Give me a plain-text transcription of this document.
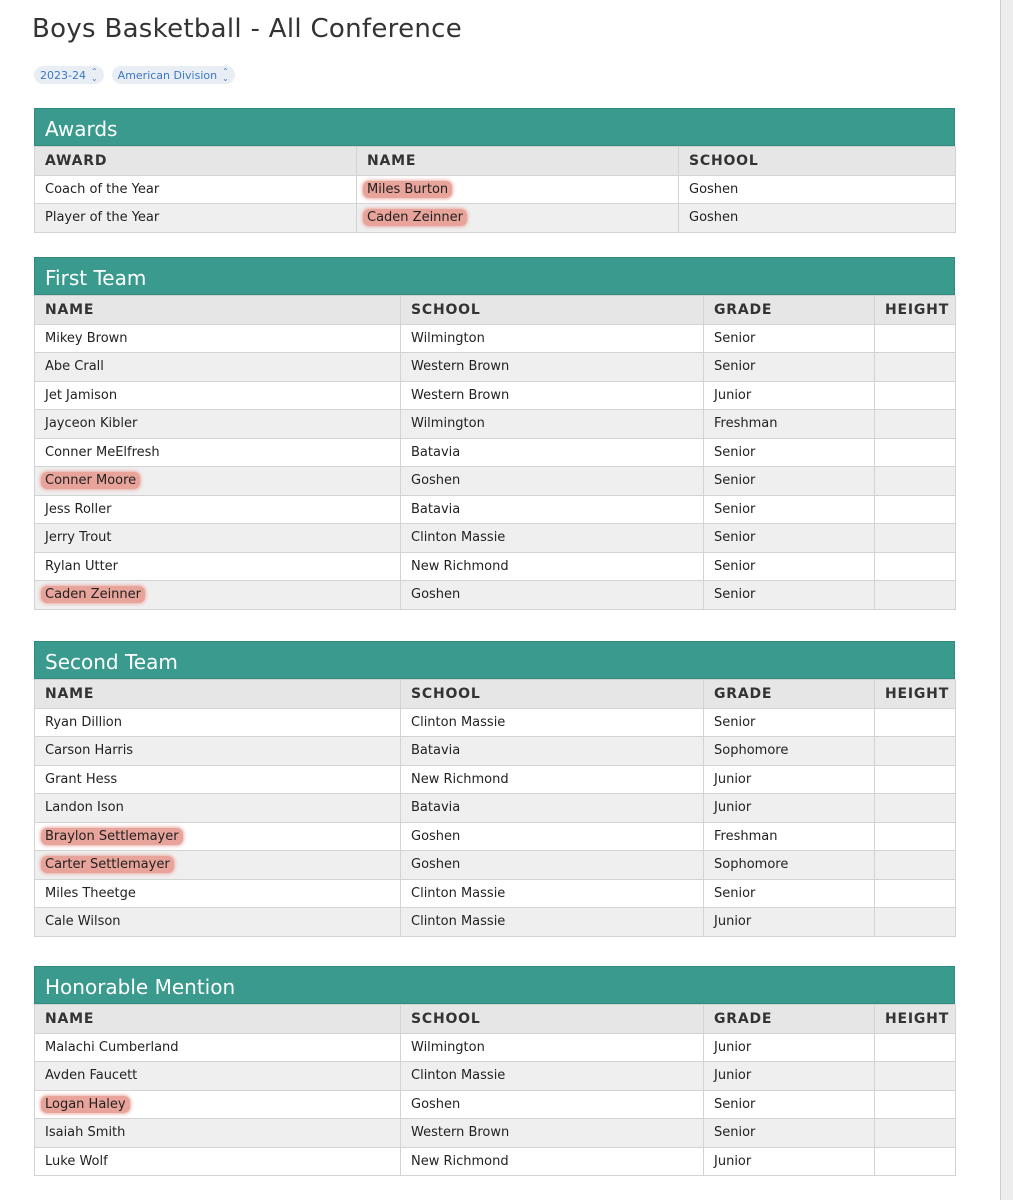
Boys Basketball - All Conference
2023-24 ⌃
⌄ American Division ⌃
⌄
Awards
AWARD	NAME	SCHOOL
Coach of the Year	Miles Burton	Goshen
Player of the Year	Caden Zeinner	Goshen
First Team
NAME	SCHOOL	GRADE	HEIGHT
Mikey Brown	Wilmington	Senior	
Abe Crall	Western Brown	Senior	
Jet Jamison	Western Brown	Junior	
Jayceon Kibler	Wilmington	Freshman	
Conner MeElfresh	Batavia	Senior	
Conner Moore	Goshen	Senior	
Jess Roller	Batavia	Senior	
Jerry Trout	Clinton Massie	Senior	
Rylan Utter	New Richmond	Senior	
Caden Zeinner	Goshen	Senior	
Second Team
NAME	SCHOOL	GRADE	HEIGHT
Ryan Dillion	Clinton Massie	Senior	
Carson Harris	Batavia	Sophomore	
Grant Hess	New Richmond	Junior	
Landon Ison	Batavia	Junior	
Braylon Settlemayer	Goshen	Freshman	
Carter Settlemayer	Goshen	Sophomore	
Miles Theetge	Clinton Massie	Senior	
Cale Wilson	Clinton Massie	Junior	
Honorable Mention
NAME	SCHOOL	GRADE	HEIGHT
Malachi Cumberland	Wilmington	Junior	
Avden Faucett	Clinton Massie	Junior	
Logan Haley	Goshen	Senior	
Isaiah Smith	Western Brown	Senior	
Luke Wolf	New Richmond	Junior	
